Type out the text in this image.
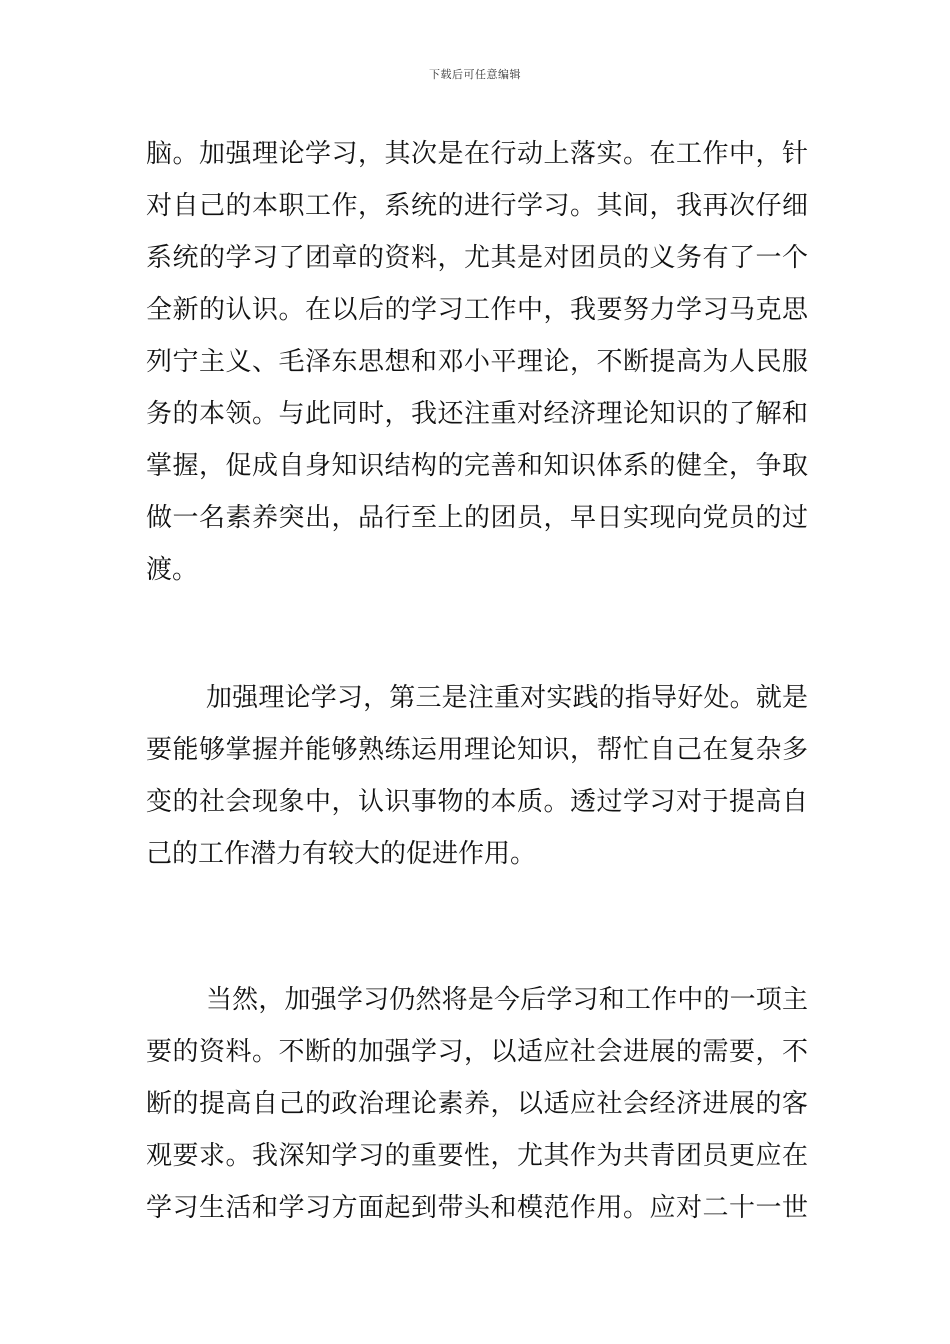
下载后可任意编辑
脑。加强理论学习，其次是在行动上落实。在工作中，针
对自己的本职工作，系统的进行学习。其间，我再次仔细
系统的学习了团章的资料，尤其是对团员的义务有了一个
全新的认识。在以后的学习工作中，我要努力学习马克思
列宁主义、毛泽东思想和邓小平理论，不断提高为人民服
务的本领。与此同时，我还注重对经济理论知识的了解和
掌握，促成自身知识结构的完善和知识体系的健全，争取
做一名素养突出，品行至上的团员，早日实现向党员的过
渡。
加强理论学习，第三是注重对实践的指导好处。就是
要能够掌握并能够熟练运用理论知识，帮忙自己在复杂多
变的社会现象中，认识事物的本质。透过学习对于提高自
己的工作潜力有较大的促进作用。
当然，加强学习仍然将是今后学习和工作中的一项主
要的资料。不断的加强学习，以适应社会进展的需要，不
断的提高自己的政治理论素养，以适应社会经济进展的客
观要求。我深知学习的重要性，尤其作为共青团员更应在
学习生活和学习方面起到带头和模范作用。应对二十一世
